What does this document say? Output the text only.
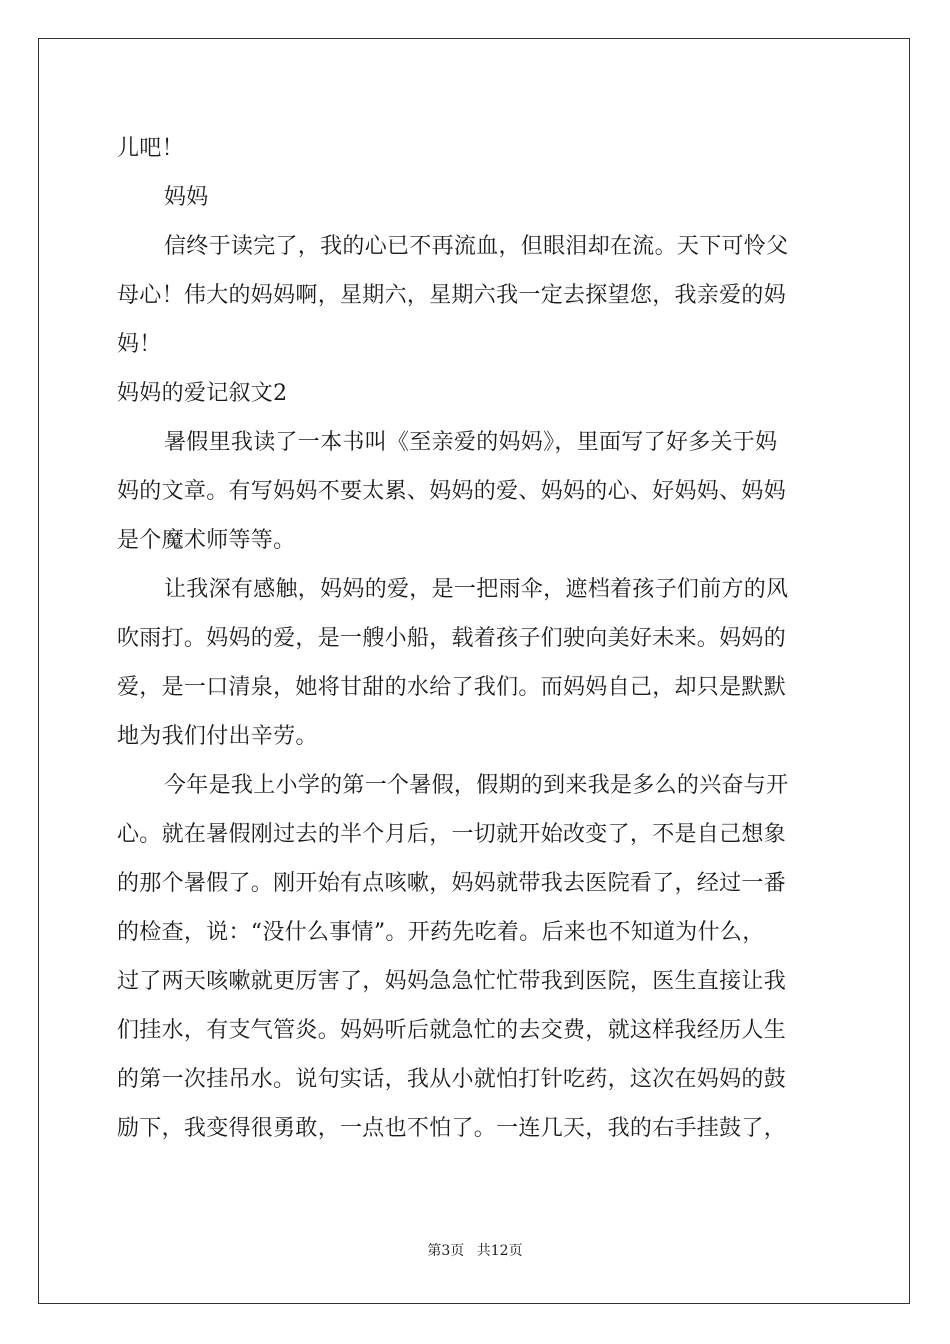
儿吧！
妈妈
信终于读完了，我的心已不再流血，但眼泪却在流。天下可怜父
母心！伟大的妈妈啊，星期六，星期六我一定去探望您，我亲爱的妈
妈！
妈妈的爱记叙文2
暑假里我读了一本书叫《至亲爱的妈妈》，里面写了好多关于妈
妈的文章。有写妈妈不要太累、妈妈的爱、妈妈的心、好妈妈、妈妈
是个魔术师等等。
让我深有感触，妈妈的爱，是一把雨伞，遮档着孩子们前方的风
吹雨打。妈妈的爱，是一艘小船，载着孩子们驶向美好未来。妈妈的
爱，是一口清泉，她将甘甜的水给了我们。而妈妈自己，却只是默默
地为我们付出辛劳。
今年是我上小学的第一个暑假，假期的到来我是多么的兴奋与开
心。就在暑假刚过去的半个月后，一切就开始改变了，不是自己想象
的那个暑假了。刚开始有点咳嗽，妈妈就带我去医院看了，经过一番
的检查，说：“没什么事情”。开药先吃着。后来也不知道为什么，
过了两天咳嗽就更厉害了，妈妈急急忙忙带我到医院，医生直接让我
们挂水，有支气管炎。妈妈听后就急忙的去交费，就这样我经历人生
的第一次挂吊水。说句实话，我从小就怕打针吃药，这次在妈妈的鼓
励下，我变得很勇敢，一点也不怕了。一连几天，我的右手挂鼓了，
第3页 共12页
